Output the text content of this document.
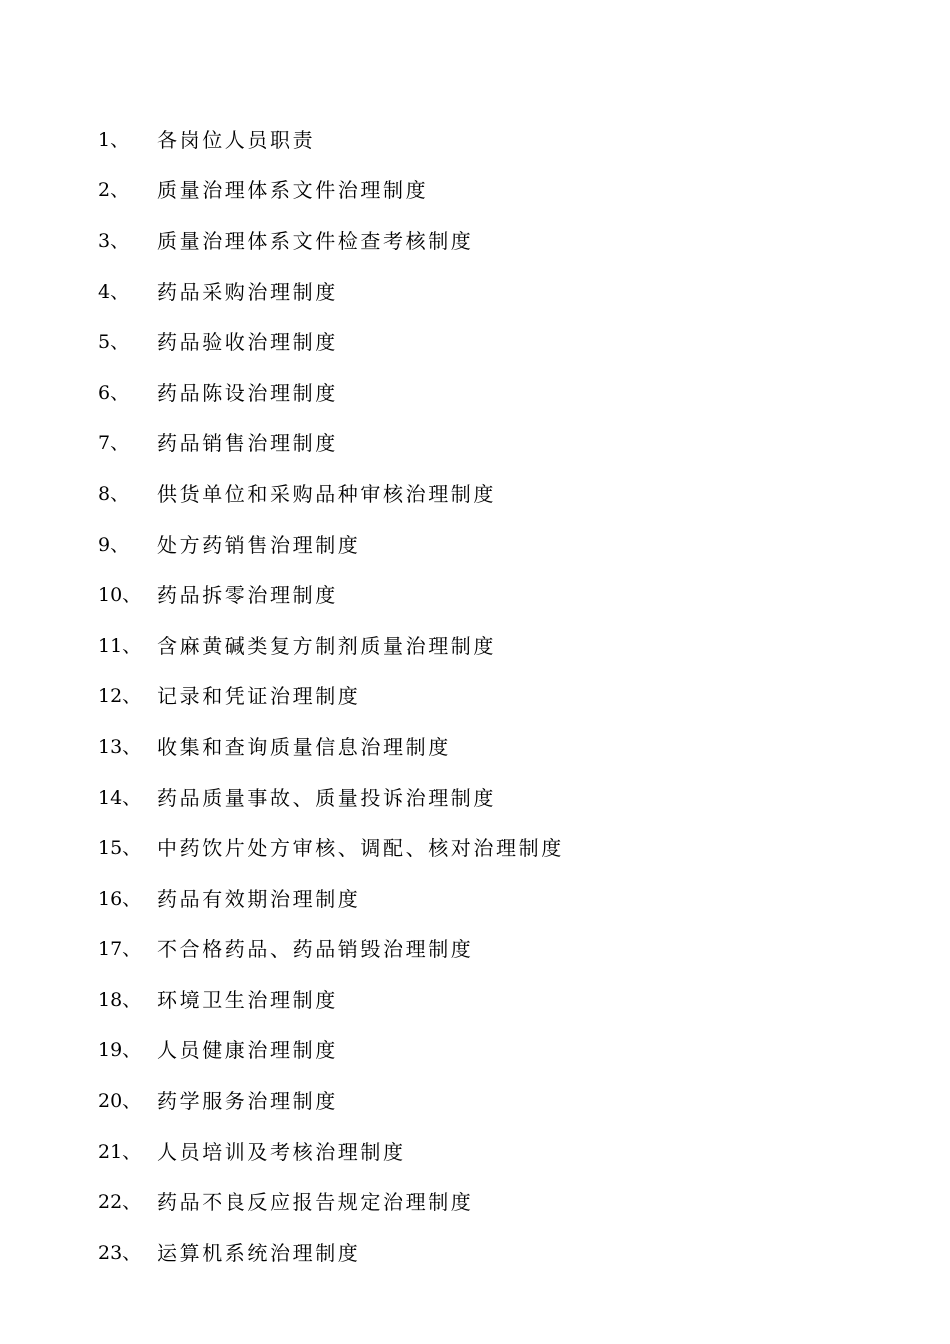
1、	各岗位人员职责
2、	质量治理体系文件治理制度
3、	质量治理体系文件检查考核制度
4、	药品采购治理制度
5、	药品验收治理制度
6、	药品陈设治理制度
7、	药品销售治理制度
8、	供货单位和采购品种审核治理制度
9、	处方药销售治理制度
10、 药品拆零治理制度
11、 含麻黄碱类复方制剂质量治理制度
12、 记录和凭证治理制度
13、 收集和查询质量信息治理制度
14、 药品质量事故、质量投诉治理制度
15、 中药饮片处方审核、调配、核对治理制度
16、 药品有效期治理制度
17、 不合格药品、药品销毁治理制度
18、 环境卫生治理制度
19、 人员健康治理制度
20、 药学服务治理制度
21、 人员培训及考核治理制度
22、 药品不良反应报告规定治理制度
23、 运算机系统治理制度
